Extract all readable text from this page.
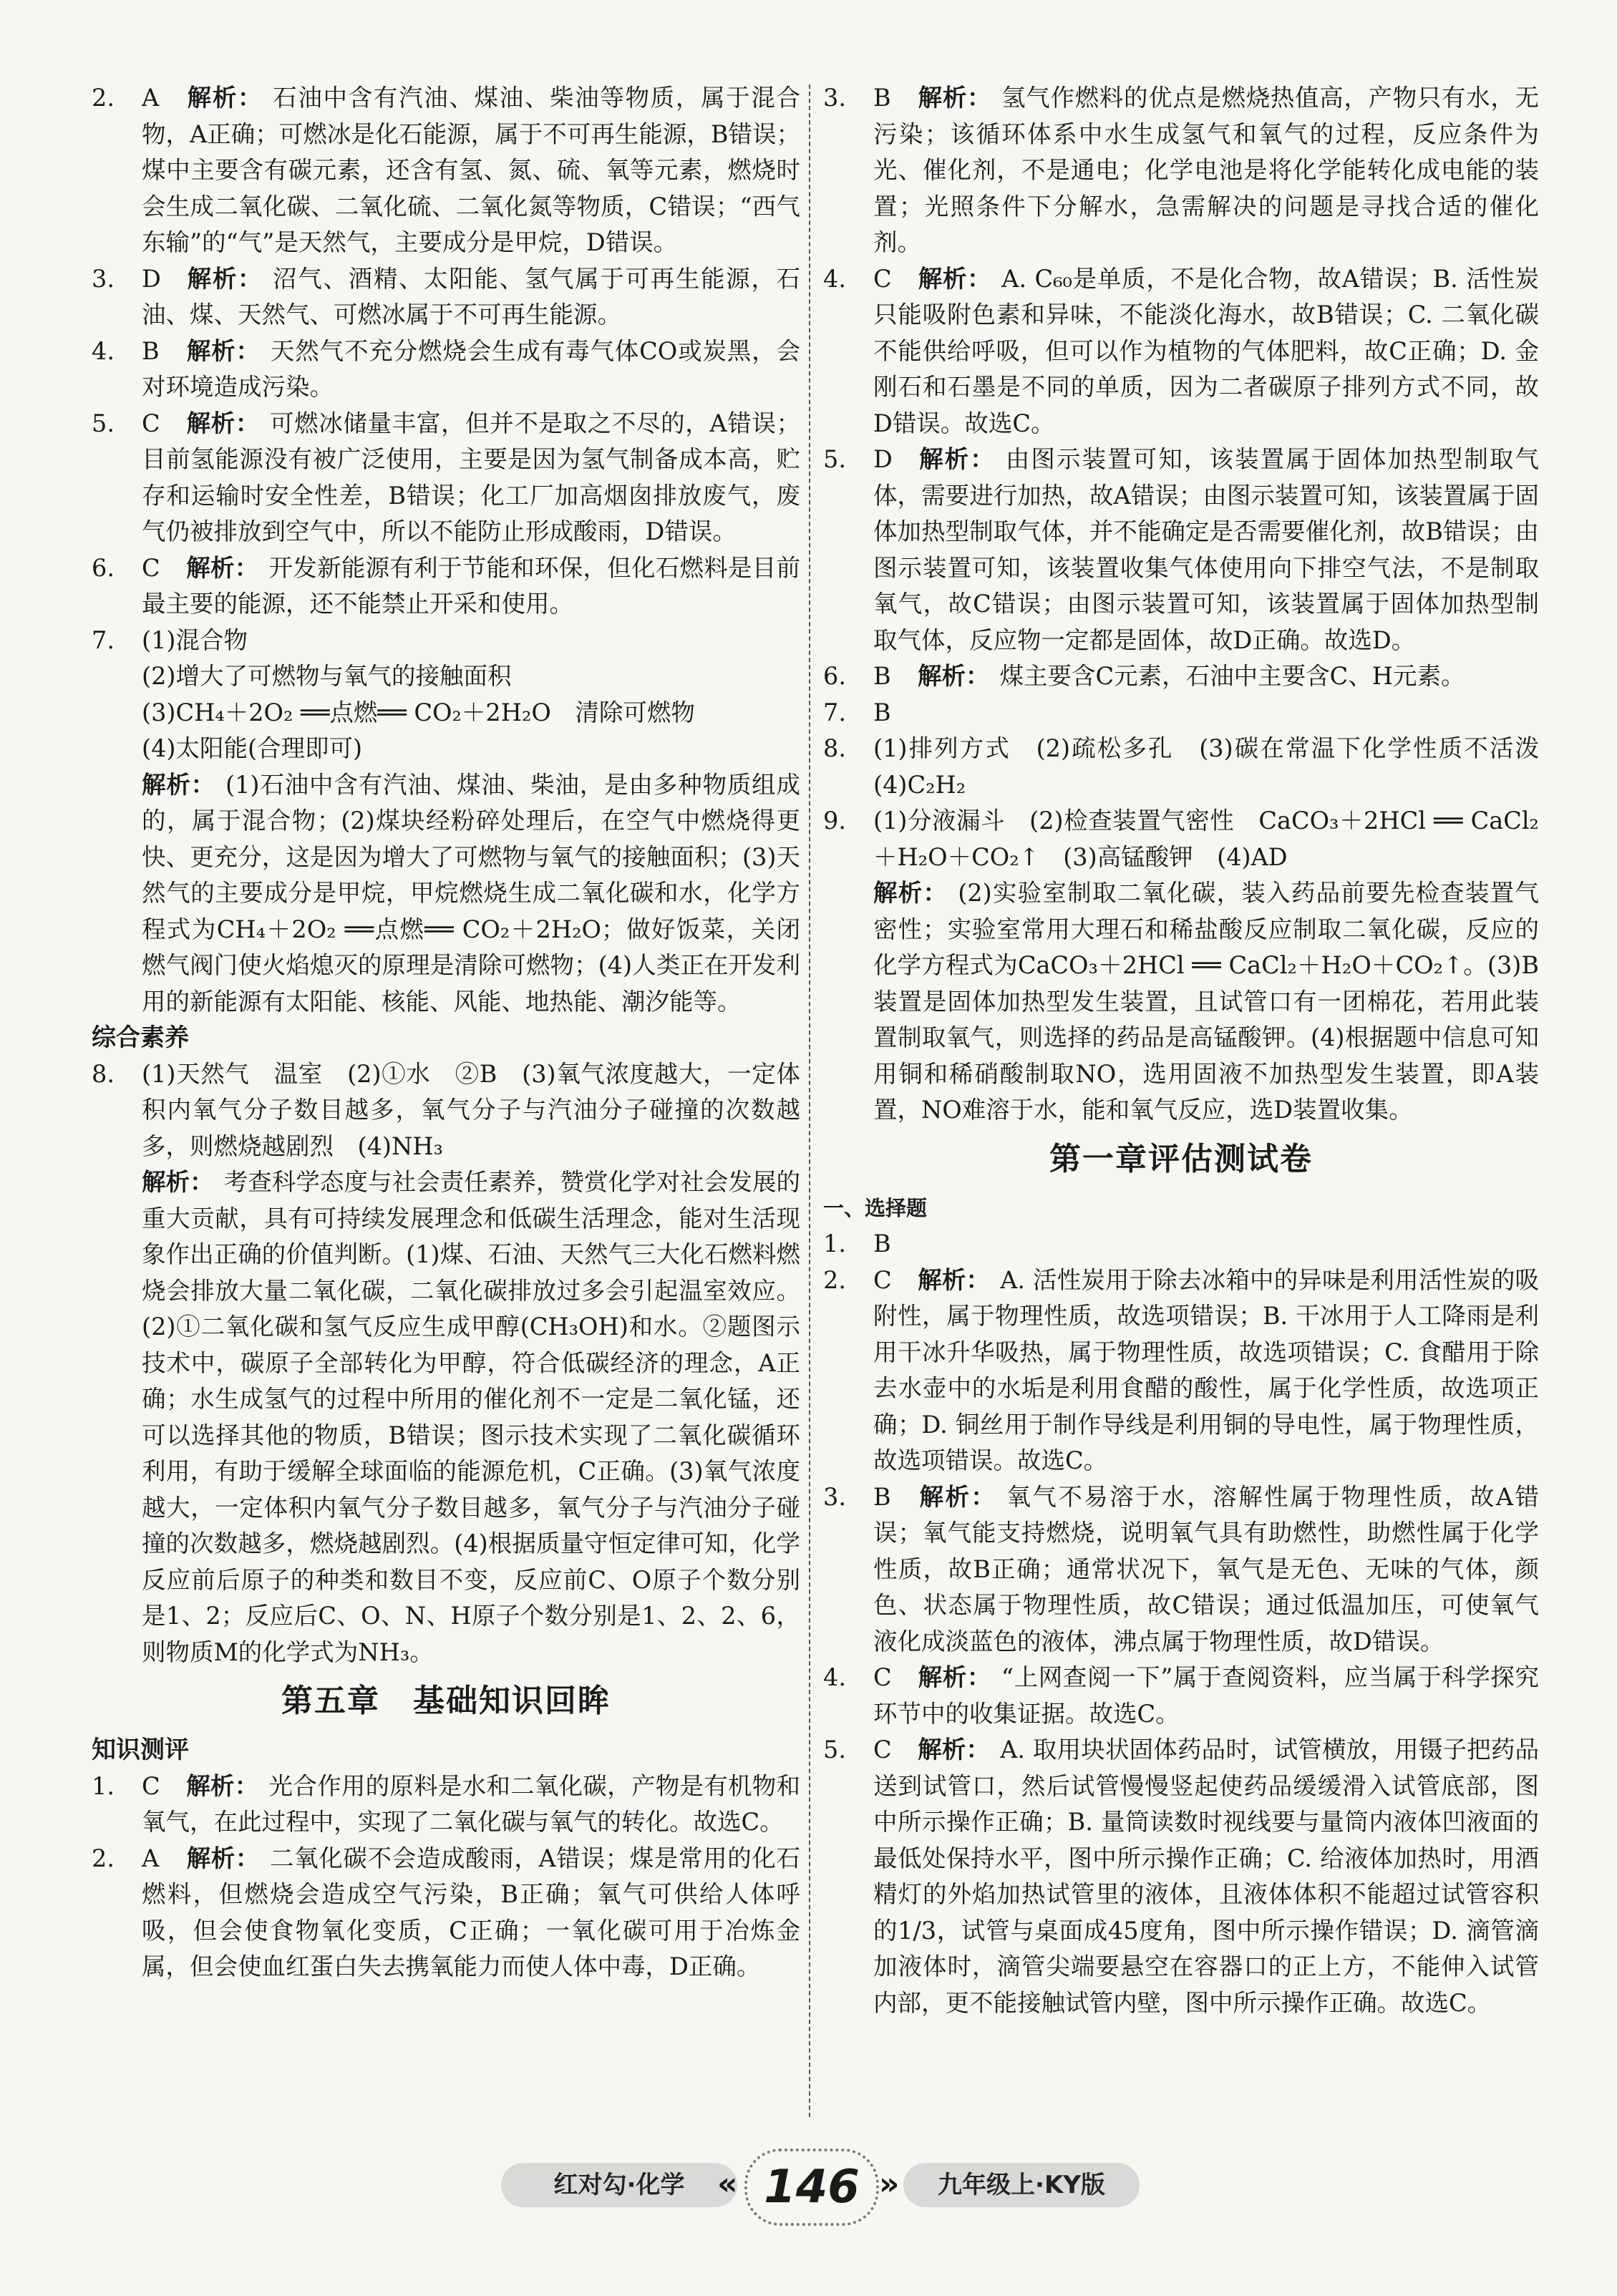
2.	A 解析： 石油中含有汽油、煤油、柴油等物质，属于混合物，A正确；可燃冰是化石能源，属于不可再生能源，B错误；煤中主要含有碳元素，还含有氢、氮、硫、氧等元素，燃烧时会生成二氧化碳、二氧化硫、二氧化氮等物质，C错误；“西气东输”的“气”是天然气，主要成分是甲烷，D错误。
3.	D 解析： 沼气、酒精、太阳能、氢气属于可再生能源，石油、煤、天然气、可燃冰属于不可再生能源。
4.	B 解析： 天然气不充分燃烧会生成有毒气体CO或炭黑，会对环境造成污染。
5.	C 解析： 可燃冰储量丰富，但并不是取之不尽的，A错误；目前氢能源没有被广泛使用，主要是因为氢气制备成本高，贮存和运输时安全性差，B错误；化工厂加高烟囱排放废气，废气仍被排放到空气中，所以不能防止形成酸雨，D错误。
6.	C 解析： 开发新能源有利于节能和环保，但化石燃料是目前最主要的能源，还不能禁止开采和使用。
7.	(1)混合物
(2)增大了可燃物与氧气的接触面积
(3)CH₄＋2O₂ ══点燃══ CO₂＋2H₂O　清除可燃物
(4)太阳能(合理即可)
解析： (1)石油中含有汽油、煤油、柴油，是由多种物质组成的，属于混合物；(2)煤块经粉碎处理后，在空气中燃烧得更快、更充分，这是因为增大了可燃物与氧气的接触面积；(3)天然气的主要成分是甲烷，甲烷燃烧生成二氧化碳和水，化学方程式为CH₄＋2O₂ ══点燃══ CO₂＋2H₂O；做好饭菜，关闭燃气阀门使火焰熄灭的原理是清除可燃物；(4)人类正在开发利用的新能源有太阳能、核能、风能、地热能、潮汐能等。
综合素养
8.	(1)天然气　温室　(2)①水　②B　(3)氧气浓度越大，一定体积内氧气分子数目越多，氧气分子与汽油分子碰撞的次数越多，则燃烧越剧烈　(4)NH₃
解析： 考查科学态度与社会责任素养，赞赏化学对社会发展的重大贡献，具有可持续发展理念和低碳生活理念，能对生活现象作出正确的价值判断。(1)煤、石油、天然气三大化石燃料燃烧会排放大量二氧化碳，二氧化碳排放过多会引起温室效应。(2)①二氧化碳和氢气反应生成甲醇(CH₃OH)和水。②题图示技术中，碳原子全部转化为甲醇，符合低碳经济的理念，A正确；水生成氢气的过程中所用的催化剂不一定是二氧化锰，还可以选择其他的物质，B错误；图示技术实现了二氧化碳循环利用，有助于缓解全球面临的能源危机，C正确。(3)氧气浓度越大，一定体积内氧气分子数目越多，氧气分子与汽油分子碰撞的次数越多，燃烧越剧烈。(4)根据质量守恒定律可知，化学反应前后原子的种类和数目不变，反应前C、O原子个数分别是1、2；反应后C、O、N、H原子个数分别是1、2、2、6，则物质M的化学式为NH₃。
第五章　基础知识回眸
知识测评
1.	C 解析： 光合作用的原料是水和二氧化碳，产物是有机物和氧气，在此过程中，实现了二氧化碳与氧气的转化。故选C。
2.	A 解析： 二氧化碳不会造成酸雨，A错误；煤是常用的化石燃料，但燃烧会造成空气污染，B正确；氧气可供给人体呼吸，但会使食物氧化变质，C正确；一氧化碳可用于冶炼金属，但会使血红蛋白失去携氧能力而使人体中毒，D正确。
3.	B 解析： 氢气作燃料的优点是燃烧热值高，产物只有水，无污染；该循环体系中水生成氢气和氧气的过程，反应条件为光、催化剂，不是通电；化学电池是将化学能转化成电能的装置；光照条件下分解水，急需解决的问题是寻找合适的催化剂。
4.	C 解析： A. C₆₀是单质，不是化合物，故A错误；B. 活性炭只能吸附色素和异味，不能淡化海水，故B错误；C. 二氧化碳不能供给呼吸，但可以作为植物的气体肥料，故C正确；D. 金刚石和石墨是不同的单质，因为二者碳原子排列方式不同，故D错误。故选C。
5.	D 解析： 由图示装置可知，该装置属于固体加热型制取气体，需要进行加热，故A错误；由图示装置可知，该装置属于固体加热型制取气体，并不能确定是否需要催化剂，故B错误；由图示装置可知，该装置收集气体使用向下排空气法，不是制取氧气，故C错误；由图示装置可知，该装置属于固体加热型制取气体，反应物一定都是固体，故D正确。故选D。
6.	B 解析： 煤主要含C元素，石油中主要含C、H元素。
7.	B
8.	(1)排列方式　(2)疏松多孔　(3)碳在常温下化学性质不活泼　(4)C₂H₂
9.	(1)分液漏斗　(2)检查装置气密性　CaCO₃＋2HCl ══ CaCl₂＋H₂O＋CO₂↑　(3)高锰酸钾　(4)AD
解析： (2)实验室制取二氧化碳，装入药品前要先检查装置气密性；实验室常用大理石和稀盐酸反应制取二氧化碳，反应的化学方程式为CaCO₃＋2HCl ══ CaCl₂＋H₂O＋CO₂↑。(3)B装置是固体加热型发生装置，且试管口有一团棉花，若用此装置制取氧气，则选择的药品是高锰酸钾。(4)根据题中信息可知用铜和稀硝酸制取NO，选用固液不加热型发生装置，即A装置，NO难溶于水，能和氧气反应，选D装置收集。
第一章评估测试卷
一、选择题
1.	B
2.	C 解析： A. 活性炭用于除去冰箱中的异味是利用活性炭的吸附性，属于物理性质，故选项错误；B. 干冰用于人工降雨是利用干冰升华吸热，属于物理性质，故选项错误；C. 食醋用于除去水壶中的水垢是利用食醋的酸性，属于化学性质，故选项正确；D. 铜丝用于制作导线是利用铜的导电性，属于物理性质，故选项错误。故选C。
3.	B 解析： 氧气不易溶于水，溶解性属于物理性质，故A错误；氧气能支持燃烧，说明氧气具有助燃性，助燃性属于化学性质，故B正确；通常状况下，氧气是无色、无味的气体，颜色、状态属于物理性质，故C错误；通过低温加压，可使氧气液化成淡蓝色的液体，沸点属于物理性质，故D错误。
4.	C 解析： “上网查阅一下”属于查阅资料，应当属于科学探究环节中的收集证据。故选C。
5.	C 解析： A. 取用块状固体药品时，试管横放，用镊子把药品送到试管口，然后试管慢慢竖起使药品缓缓滑入试管底部，图中所示操作正确；B. 量筒读数时视线要与量筒内液体凹液面的最低处保持水平，图中所示操作正确；C. 给液体加热时，用酒精灯的外焰加热试管里的液体，且液体体积不能超过试管容积的1/3，试管与桌面成45度角，图中所示操作错误；D. 滴管滴加液体时，滴管尖端要悬空在容器口的正上方，不能伸入试管内部，更不能接触试管内壁，图中所示操作正确。故选C。
红对勾·化学	« 146 »	九年级上·KY版
